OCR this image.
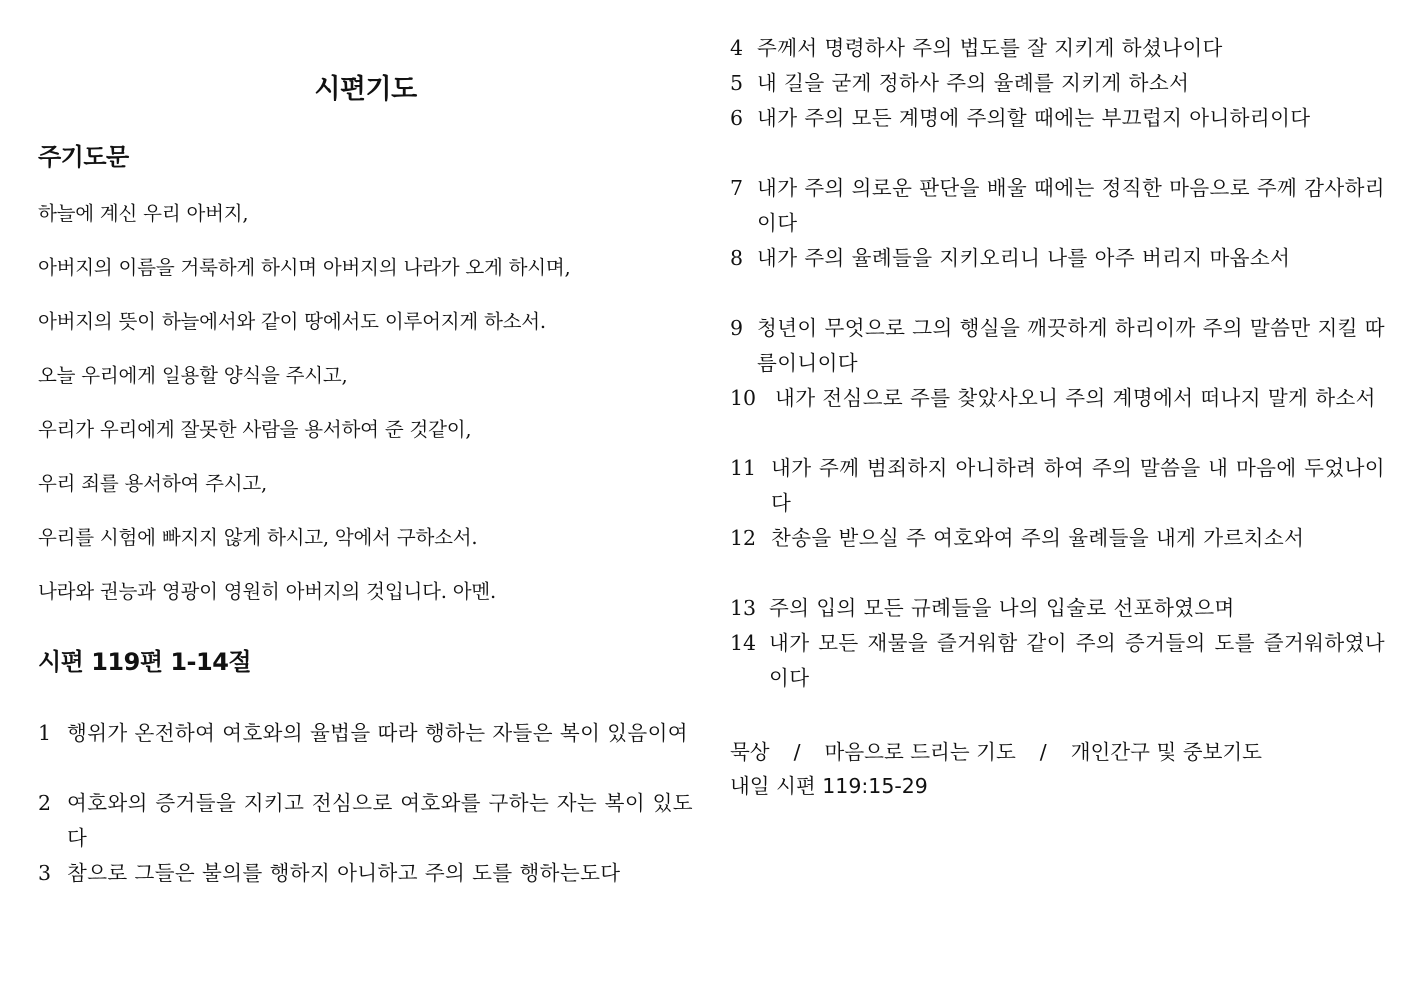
시편기도
주기도문
하늘에 계신 우리 아버지,
아버지의 이름을 거룩하게 하시며 아버지의 나라가 오게 하시며,
아버지의 뜻이 하늘에서와 같이 땅에서도 이루어지게 하소서.
오늘 우리에게 일용할 양식을 주시고,
우리가 우리에게 잘못한 사람을 용서하여 준 것같이,
우리 죄를 용서하여 주시고,
우리를 시험에 빠지지 않게 하시고, 악에서 구하소서.
나라와 권능과 영광이 영원히 아버지의 것입니다. 아멘.
시편 119편 1-14절
1 행위가 온전하여 여호와의 율법을 따라 행하는 자들은 복이 있음이여
2 여호와의 증거들을 지키고 전심으로 여호와를 구하는 자는 복이 있도다
3 참으로 그들은 불의를 행하지 아니하고 주의 도를 행하는도다
4 주께서 명령하사 주의 법도를 잘 지키게 하셨나이다
5 내 길을 굳게 정하사 주의 율례를 지키게 하소서
6 내가 주의 모든 계명에 주의할 때에는 부끄럽지 아니하리이다
7 내가 주의 의로운 판단을 배울 때에는 정직한 마음으로 주께 감사하리이다
8 내가 주의 율례들을 지키오리니 나를 아주 버리지 마옵소서
9 청년이 무엇으로 그의 행실을 깨끗하게 하리이까 주의 말씀만 지킬 따름이니이다
10 내가 전심으로 주를 찾았사오니 주의 계명에서 떠나지 말게 하소서
11 내가 주께 범죄하지 아니하려 하여 주의 말씀을 내 마음에 두었나이다
12 찬송을 받으실 주 여호와여 주의 율례들을 내게 가르치소서
13 주의 입의 모든 규례들을 나의 입술로 선포하였으며
14 내가 모든 재물을 즐거워함 같이 주의 증거들의 도를 즐거워하였나이다
묵상 / 마음으로 드리는 기도 / 개인간구 및 중보기도
내일 시편 119:15-29
